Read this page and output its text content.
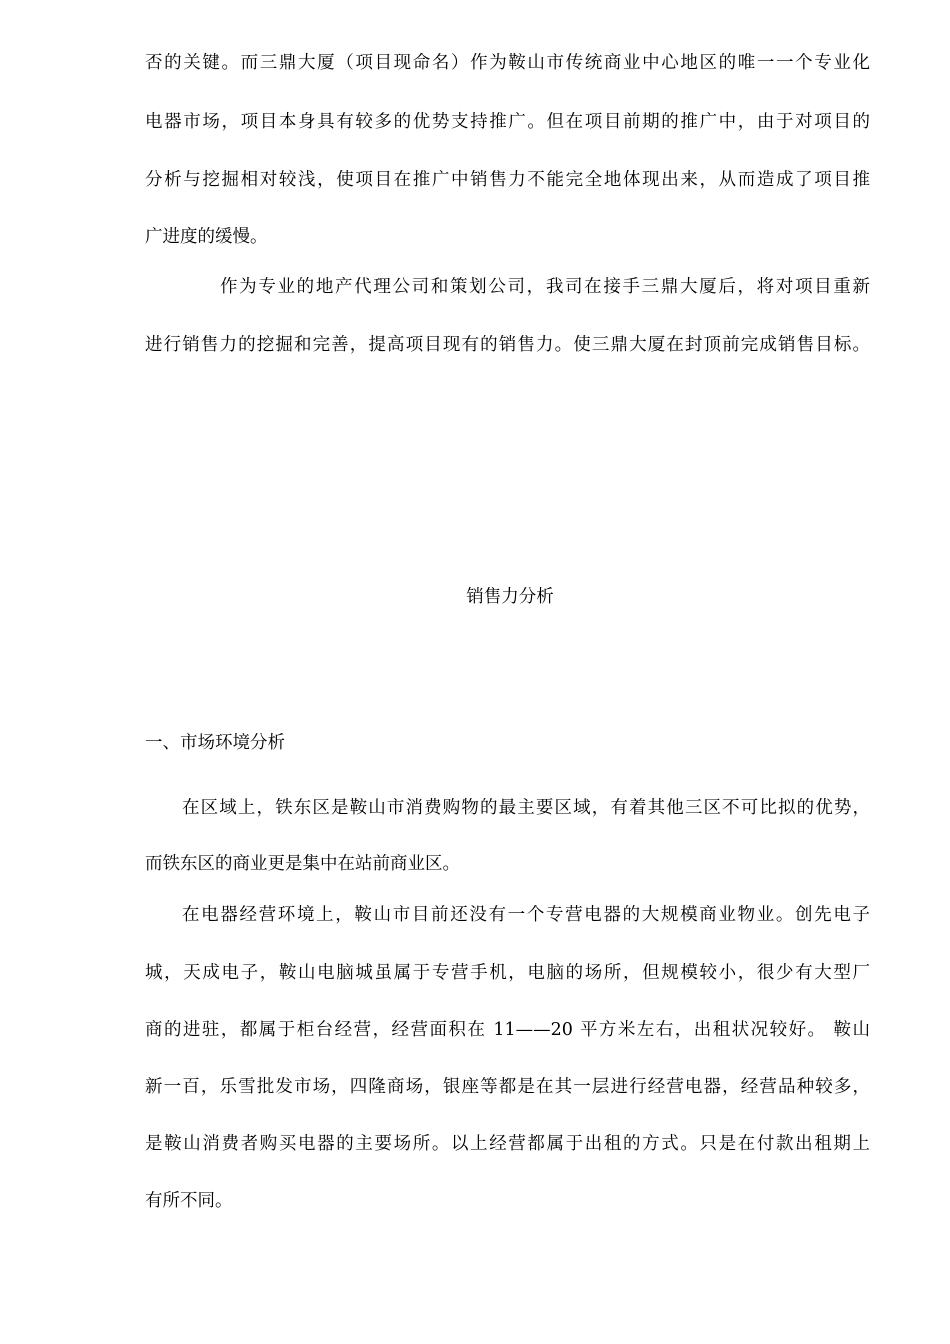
否的关键。而三鼎大厦（项目现命名）作为鞍山市传统商业中心地区的唯一一个专业化
电器市场，项目本身具有较多的优势支持推广。但在项目前期的推广中，由于对项目的
分析与挖掘相对较浅，使项目在推广中销售力不能完全地体现出来，从而造成了项目推
广进度的缓慢。
作为专业的地产代理公司和策划公司，我司在接手三鼎大厦后，将对项目重新
进行销售力的挖掘和完善，提高项目现有的销售力。使三鼎大厦在封顶前完成销售目标。
销售力分析
一、市场环境分析
在区域上，铁东区是鞍山市消费购物的最主要区域，有着其他三区不可比拟的优势，
而铁东区的商业更是集中在站前商业区。
在电器经营环境上，鞍山市目前还没有一个专营电器的大规模商业物业。创先电子
城，天成电子，鞍山电脑城虽属于专营手机，电脑的场所，但规模较小，很少有大型厂
商的进驻，都属于柜台经营，经营面积在 11——20 平方米左右，出租状况较好。 鞍山
新一百，乐雪批发市场，四隆商场，银座等都是在其一层进行经营电器，经营品种较多，
是鞍山消费者购买电器的主要场所。以上经营都属于出租的方式。只是在付款出租期上
有所不同。
